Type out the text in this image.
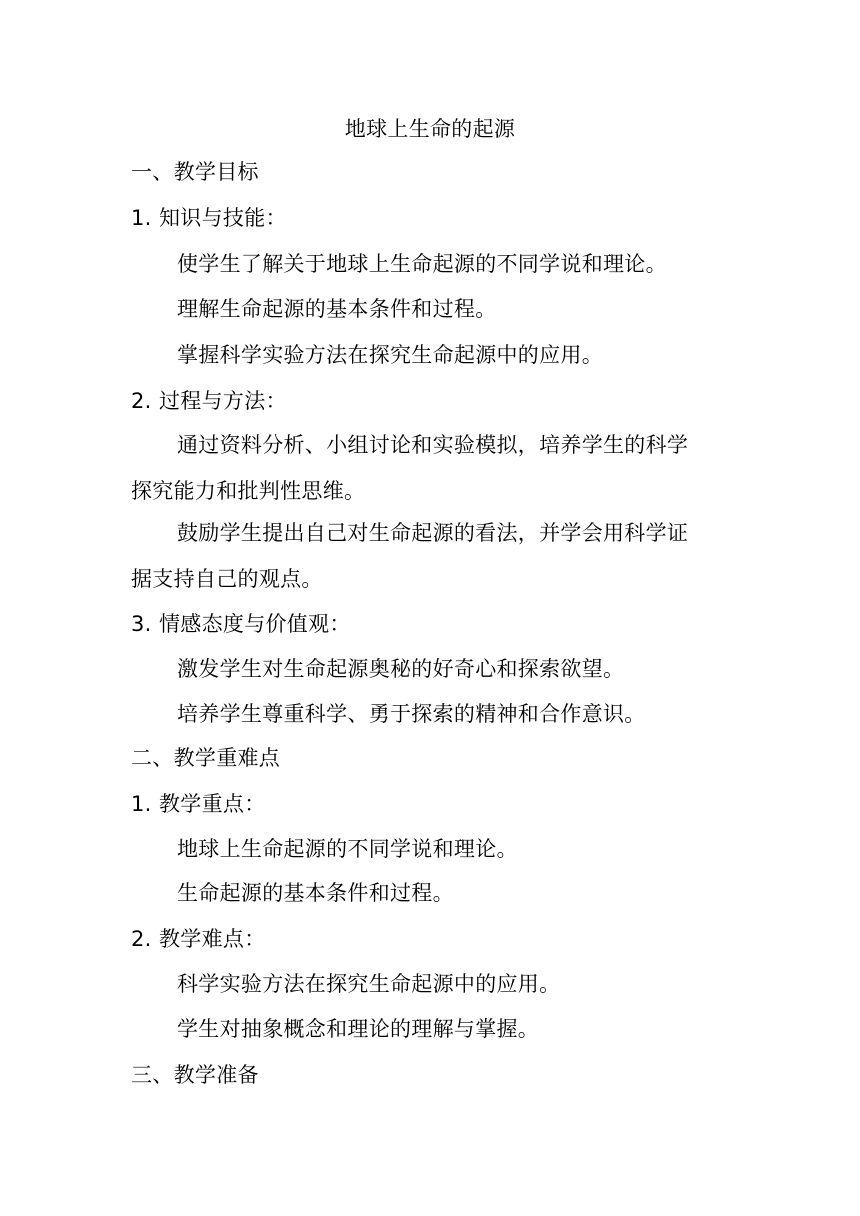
地球上生命的起源
一、教学目标
1. 知识与技能：
使学生了解关于地球上生命起源的不同学说和理论。
理解生命起源的基本条件和过程。
掌握科学实验方法在探究生命起源中的应用。
2. 过程与方法：
通过资料分析、小组讨论和实验模拟，培养学生的科学
探究能力和批判性思维。
鼓励学生提出自己对生命起源的看法，并学会用科学证
据支持自己的观点。
3. 情感态度与价值观：
激发学生对生命起源奥秘的好奇心和探索欲望。
培养学生尊重科学、勇于探索的精神和合作意识。
二、教学重难点
1. 教学重点：
地球上生命起源的不同学说和理论。
生命起源的基本条件和过程。
2. 教学难点：
科学实验方法在探究生命起源中的应用。
学生对抽象概念和理论的理解与掌握。
三、教学准备
